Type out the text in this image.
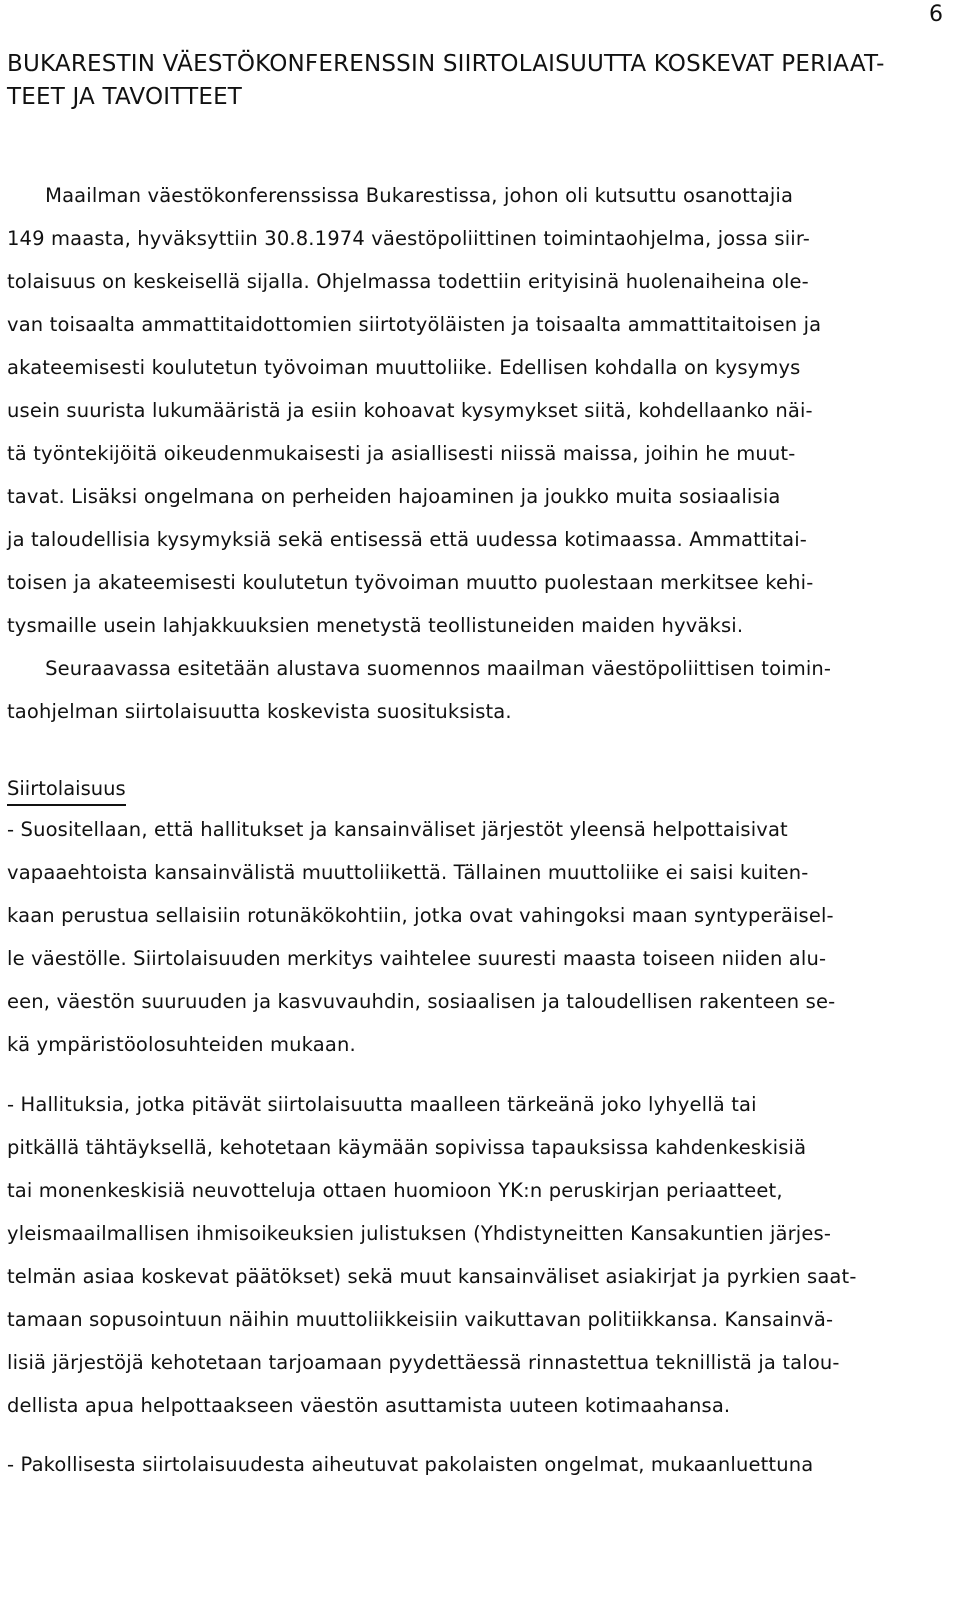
6
BUKARESTIN VÄESTÖKONFERENSSIN SIIRTOLAISUUTTA KOSKEVAT PERIAAT-
TEET JA TAVOITTEET
Maailman väestökonferenssissa Bukarestissa, johon oli kutsuttu osanottajia
149 maasta, hyväksyttiin 30.8.1974 väestöpoliittinen toimintaohjelma, jossa siir-
tolaisuus on keskeisellä sijalla. Ohjelmassa todettiin erityisinä huolenaiheina ole-
van toisaalta ammattitaidottomien siirtotyöläisten ja toisaalta ammattitaitoisen ja
akateemisesti koulutetun työvoiman muuttoliike. Edellisen kohdalla on kysymys
usein suurista lukumääristä ja esiin kohoavat kysymykset siitä, kohdellaanko näi-
tä työntekijöitä oikeudenmukaisesti ja asiallisesti niissä maissa, joihin he muut-
tavat. Lisäksi ongelmana on perheiden hajoaminen ja joukko muita sosiaalisia
ja taloudellisia kysymyksiä sekä entisessä että uudessa kotimaassa. Ammattitai-
toisen ja akateemisesti koulutetun työvoiman muutto puolestaan merkitsee kehi-
tysmaille usein lahjakkuuksien menetystä teollistuneiden maiden hyväksi.
Seuraavassa esitetään alustava suomennos maailman väestöpoliittisen toimin-
taohjelman siirtolaisuutta koskevista suosituksista.
Siirtolaisuus
- Suositellaan, että hallitukset ja kansainväliset järjestöt yleensä helpottaisivat
vapaaehtoista kansainvälistä muuttoliikettä. Tällainen muuttoliike ei saisi kuiten-
kaan perustua sellaisiin rotunäkökohtiin, jotka ovat vahingoksi maan syntyperäisel-
le väestölle. Siirtolaisuuden merkitys vaihtelee suuresti maasta toiseen niiden alu-
een, väestön suuruuden ja kasvuvauhdin, sosiaalisen ja taloudellisen rakenteen se-
kä ympäristöolosuhteiden mukaan.
- Hallituksia, jotka pitävät siirtolaisuutta maalleen tärkeänä joko lyhyellä tai
pitkällä tähtäyksellä, kehotetaan käymään sopivissa tapauksissa kahdenkeskisiä
tai monenkeskisiä neuvotteluja ottaen huomioon YK:n peruskirjan periaatteet,
yleismaailmallisen ihmisoikeuksien julistuksen (Yhdistyneitten Kansakuntien järjes-
telmän asiaa koskevat päätökset) sekä muut kansainväliset asiakirjat ja pyrkien saat-
tamaan sopusointuun näihin muuttoliikkeisiin vaikuttavan politiikkansa. Kansainvä-
lisiä järjestöjä kehotetaan tarjoamaan pyydettäessä rinnastettua teknillistä ja talou-
dellista apua helpottaakseen väestön asuttamista uuteen kotimaahansa.
- Pakollisesta siirtolaisuudesta aiheutuvat pakolaisten ongelmat, mukaanluettuna
